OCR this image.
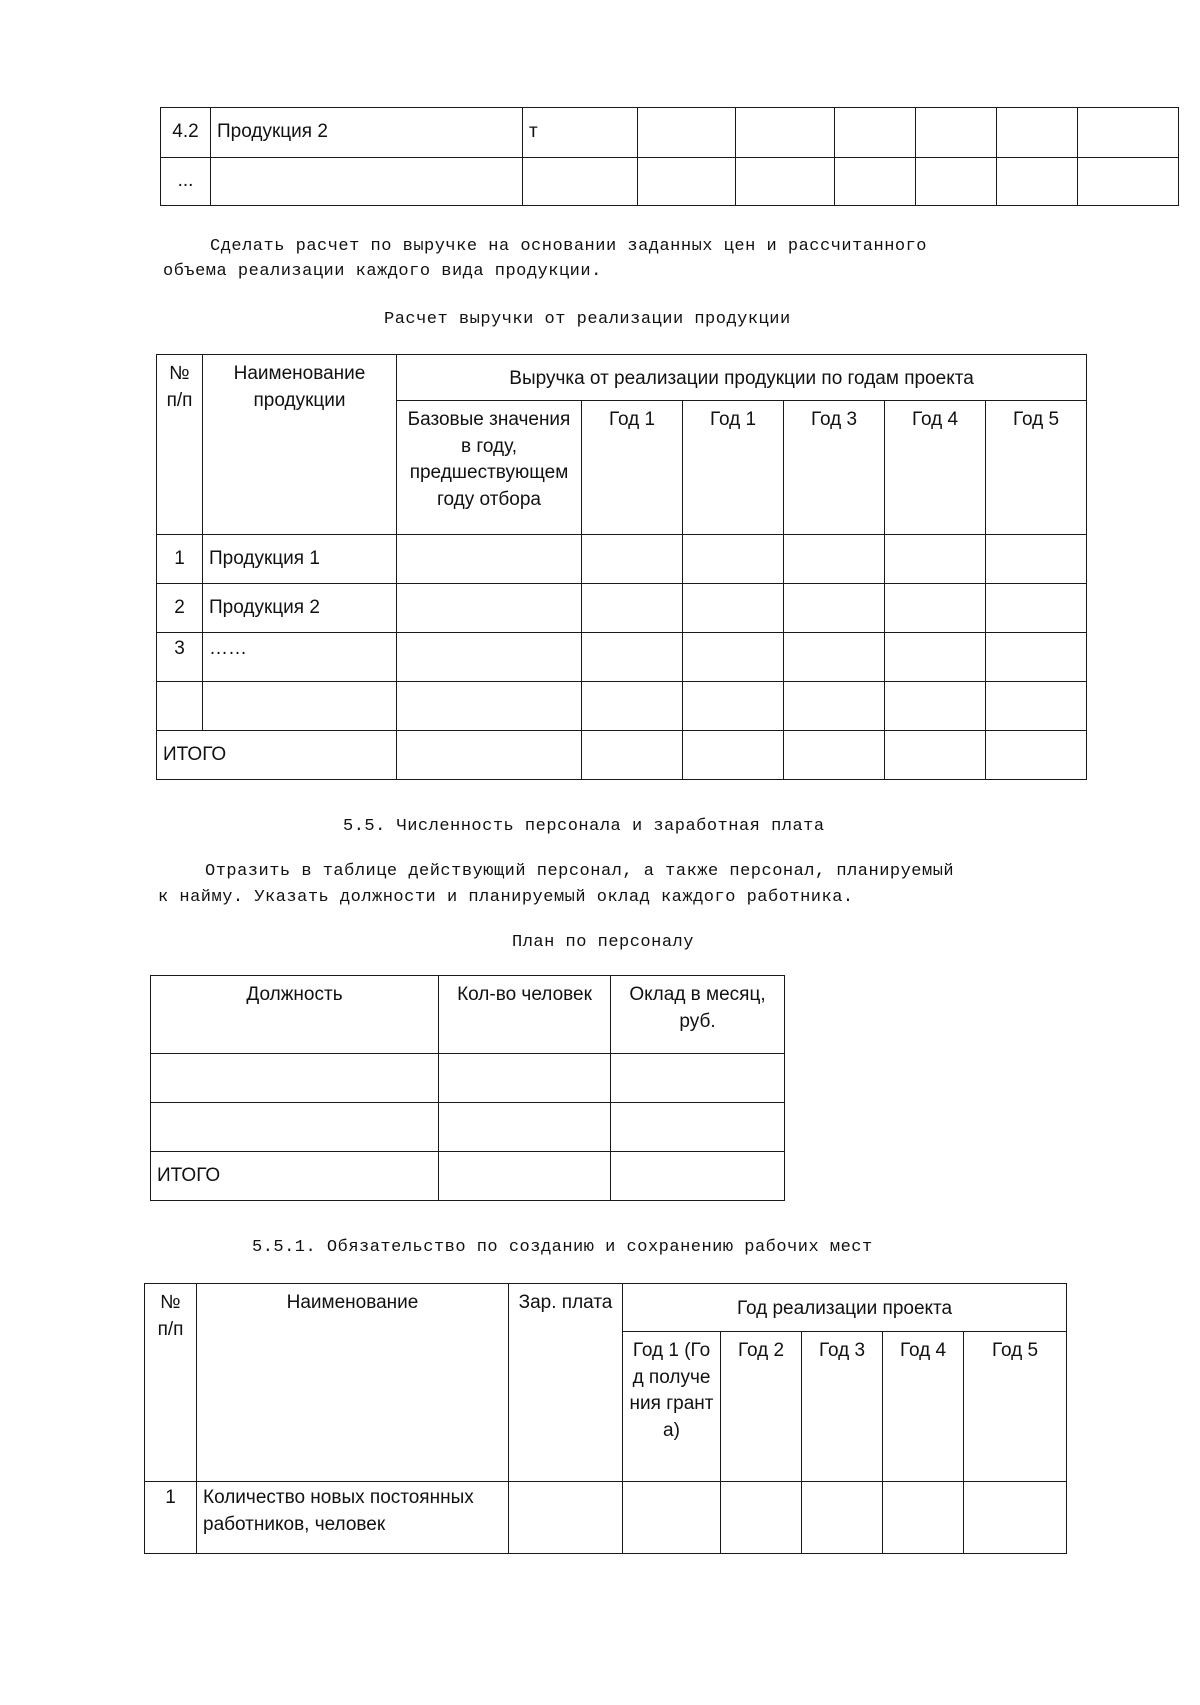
4.2	Продукция 2	т						
...								
Сделать расчет по выручке на основании заданных цен и рассчитанного
объема реализации каждого вида продукции.
Расчет выручки от реализации продукции
№ п/п	Наименование продукции	Выручка от реализации продукции по годам проекта					
		Базовые значения в году, предшествующем году отбора	Год 1	Год 1	Год 3	Год 4	Год 5
1	Продукция 1						
2	Продукция 2						
3	……						

ИТОГО							
5.5. Численность персонала и заработная плата
Отразить в таблице действующий персонал, а также персонал, планируемый
к найму. Указать должности и планируемый оклад каждого работника.
План по персоналу
Должность	Кол-во человек	Оклад в месяц, руб.

ИТОГО		
5.5.1. Обязательство по созданию и сохранению рабочих мест
№ п/п	Наименование	Зар. плата	Год реализации проекта				
			Год 1 (Год получения гранта)	Год 2	Год 3	Год 4	Год 5
1	Количество новых постоянных работников, человек						
